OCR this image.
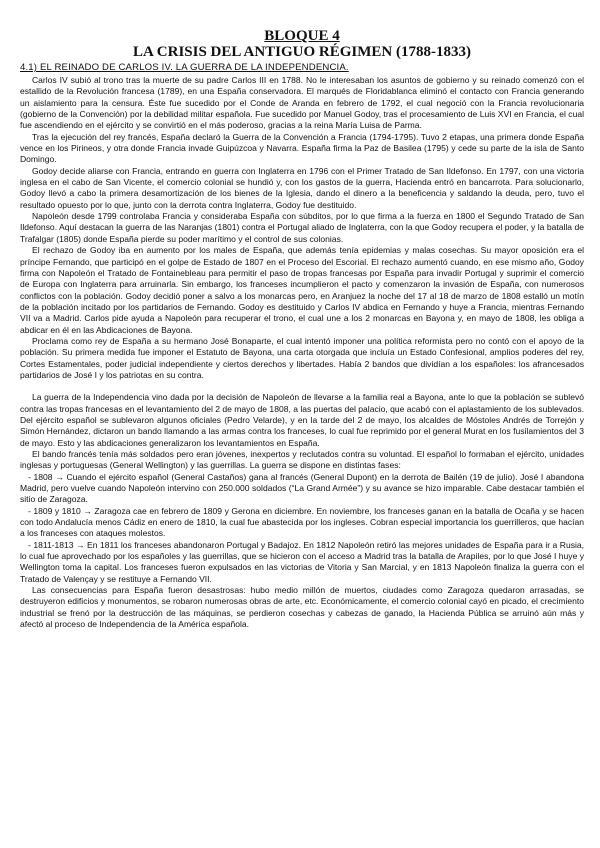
BLOQUE 4

LA CRISIS DEL ANTIGUO RÉGIMEN (1788-1833)

4.1) EL REINADO DE CARLOS IV. LA GUERRA DE LA INDEPENDENCIA.

Carlos IV subió al trono tras la muerte de su padre Carlos III en 1788. No le interesaban los asuntos de gobierno y su reinado comenzó con el estallido de la Revolución francesa (1789), en una España conservadora. El marqués de Floridablanca eliminó el contacto con Francia generando un aislamiento para la censura. Éste fue sucedido por el Conde de Aranda en febrero de 1792, el cual negoció con la Francia revolucionaria (gobierno de la Convención) por la debilidad militar española. Fue sucedido por Manuel Godoy, tras el procesamiento de Luis XVI en Francia, el cual fue ascendiendo en el ejército y se convirtió en el más poderoso, gracias a la reina María Luisa de Parma.

Tras la ejecución del rey francés, España declaró la Guerra de la Convención a Francia (1794-1795). Tuvo 2 etapas, una primera donde España vence en los Pirineos, y otra donde Francia invade Guipúzcoa y Navarra. España firma la Paz de Basilea (1795) y cede su parte de la isla de Santo Domingo.

Godoy decide aliarse con Francia, entrando en guerra con Inglaterra en 1796 con el Primer Tratado de San Ildefonso. En 1797, con una victoria inglesa en el cabo de San Vicente, el comercio colonial se hundió y, con los gastos de la guerra, Hacienda entró en bancarrota. Para solucionarlo, Godoy llevó a cabo la primera desamortización de los bienes de la Iglesia, dando el dinero a la beneficencia y saldando la deuda, pero, tuvo el resultado opuesto por lo que, junto con la derrota contra Inglaterra, Godoy fue destituido.

Napoleón desde 1799 controlaba Francia y consideraba España con súbditos, por lo que firma a la fuerza en 1800 el Segundo Tratado de San Ildefonso. Aquí destacan la guerra de las Naranjas (1801) contra el Portugal aliado de Inglaterra, con la que Godoy recupera el poder, y la batalla de Trafalgar (1805) donde España pierde su poder marítimo y el control de sus colonias.

El rechazo de Godoy iba en aumento por los males de España, que además tenía epidemias y malas cosechas. Su mayor oposición era el príncipe Fernando, que participó en el golpe de Estado de 1807 en el Proceso del Escorial. El rechazo aumentó cuando, en ese mismo año, Godoy firma con Napoleón el Tratado de Fontainebleau para permitir el paso de tropas francesas por España para invadir Portugal y suprimir el comercio de Europa con Inglaterra para arruinarla. Sin embargo, los franceses incumplieron el pacto y comenzaron la invasión de España, con numerosos conflictos con la población. Godoy decidió poner a salvo a los monarcas pero, en Aranjuez la noche del 17 al 18 de marzo de 1808 estalló un motín de la población incitado por los partidarios de Fernando. Godoy es destituido y Carlos IV abdica en Fernando y huye a Francia, mientras Fernando VII va a Madrid. Carlos pide ayuda a Napoleón para recuperar el trono, el cual une a los 2 monarcas en Bayona y, en mayo de 1808, les obliga a abdicar en él en las Abdicaciones de Bayona.

Proclama como rey de España a su hermano José Bonaparte, el cual intentó imponer una política reformista pero no contó con el apoyo de la población. Su primera medida fue imponer el Estatuto de Bayona, una carta otorgada que incluía un Estado Confesional, amplios poderes del rey, Cortes Estamentales, poder judicial independiente y ciertos derechos y libertades. Había 2 bandos que dividían a los españoles: los afrancesados partidarios de José I y los patriotas en su contra.

La guerra de la Independencia vino dada por la decisión de Napoleón de llevarse a la familia real a Bayona, ante lo que la población se sublevó contra las tropas francesas en el levantamiento del 2 de mayo de 1808, a las puertas del palacio, que acabó con el aplastamiento de los sublevados. Del ejército español se sublevaron algunos oficiales (Pedro Velarde), y en la tarde del 2 de mayo, los alcaldes de Móstoles Andrés de Torrejón y Simón Hernández, dictaron un bando llamando a las armas contra los franceses, lo cual fue reprimido por el general Murat en los fusilamientos del 3 de mayo. Esto y las abdicaciones generalizaron los levantamientos en España.

El bando francés tenía más soldados pero eran jóvenes, inexpertos y reclutados contra su voluntad. El español lo formaban el ejército, unidades inglesas y portuguesas (General Wellington) y las guerrillas. La guerra se dispone en distintas fases:

- 1808 → Cuando el ejército español (General Castaños) gana al francés (General Dupont) en la derrota de Bailén (19 de julio). José I abandona Madrid, pero vuelve cuando Napoleón intervino con 250.000 soldados (“La Grand Armée”) y su avance se hizo imparable. Cabe destacar también el sitio de Zaragoza.

- 1809 y 1810 → Zaragoza cae en febrero de 1809 y Gerona en diciembre. En noviembre, los franceses ganan en la batalla de Ocaña y se hacen con todo Andalucía menos Cádiz en enero de 1810, la cual fue abastecida por los ingleses. Cobran especial importancia los guerrilleros, que hacían a los franceses con ataques molestos.

- 1811-1813 → En 1811 los franceses abandonaron Portugal y Badajoz. En 1812 Napoleón retiró las mejores unidades de España para ir a Rusia, lo cual fue aprovechado por los españoles y las guerrillas, que se hicieron con el acceso a Madrid tras la batalla de Arapiles, por lo que José I huye y Wellington toma la capital. Los franceses fueron expulsados en las victorias de Vitoria y San Marcial, y en 1813 Napoleón finaliza la guerra con el Tratado de Valençay y se restituye a Fernando VII.

Las consecuencias para España fueron desastrosas: hubo medio millón de muertos, ciudades como Zaragoza quedaron arrasadas, se destruyeron edificios y monumentos, se robaron numerosas obras de arte, etc. Económicamente, el comercio colonial cayó en picado, el crecimiento industrial se frenó por la destrucción de las máquinas, se perdieron cosechas y cabezas de ganado, la Hacienda Pública se arruinó aún más y afectó al proceso de Independencia de la América española.
